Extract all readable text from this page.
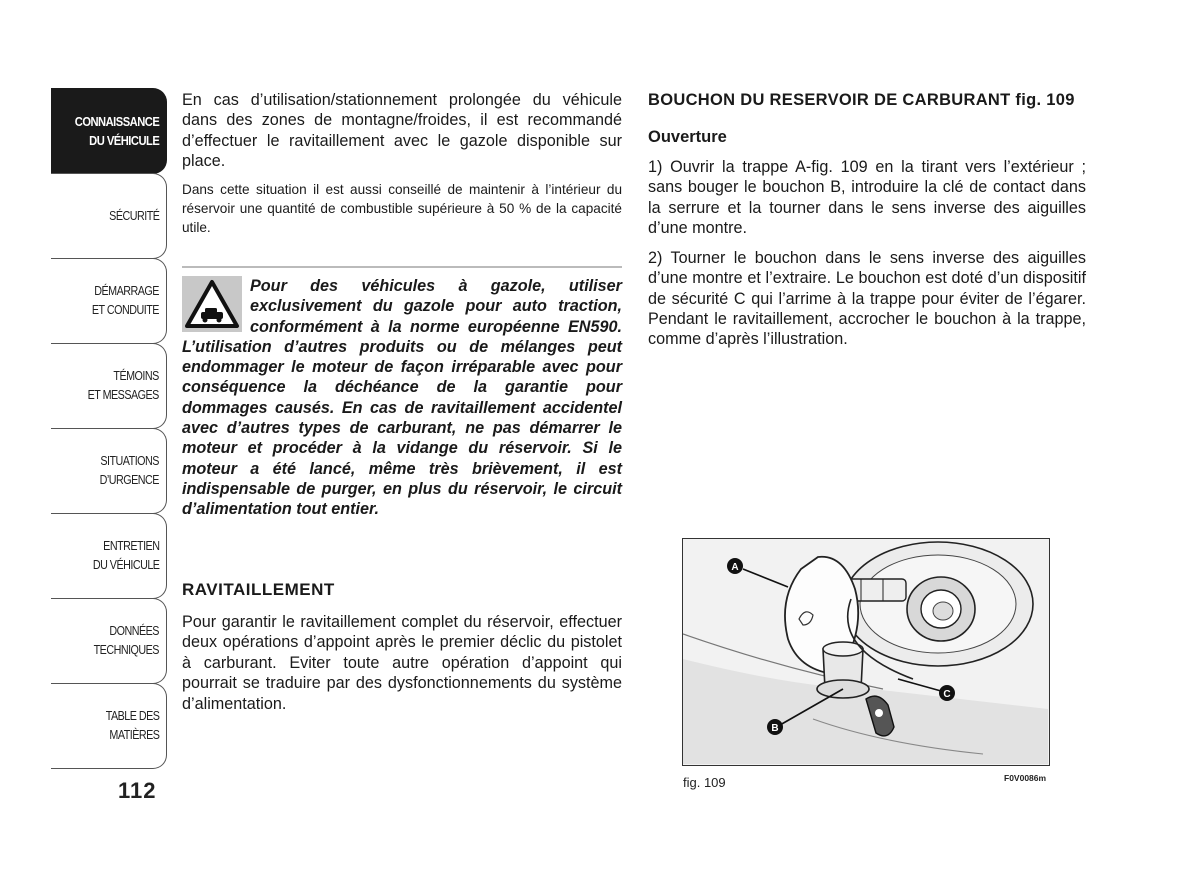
CONNAISSANCE
DU VÉHICULE
SÉCURITÉ
DÉMARRAGE
ET CONDUITE
TÉMOINS
ET MESSAGES
SITUATIONS
D’URGENCE
ENTRETIEN
DU VÉHICULE
DONNÉES
TECHNIQUES
TABLE DES
MATIÈRES
112

En cas d’utilisation/stationnement prolongée du véhicule dans des zones de montagne/froides, il est recommandé d’effectuer le ravitaillement avec le gazole disponible sur place.

Dans cette situation il est aussi conseillé de maintenir à l’intérieur du réservoir une quantité de combustible supérieure à 50 % de la capacité utile.

Pour des véhicules à gazole, utiliser exclusivement du gazole pour auto traction, conformément à la norme européenne EN590. L’utilisation d’autres produits ou de mélanges peut endommager le moteur de façon irréparable avec pour conséquence la déchéance de la garantie pour dommages causés. En cas de ravitaillement accidentel avec d’autres types de carburant, ne pas démarrer le moteur et procéder à la vidange du réservoir. Si le moteur a été lancé, même très brièvement, il est indispensable de purger, en plus du réservoir, le circuit d’alimentation tout entier.

RAVITAILLEMENT

Pour garantir le ravitaillement complet du réservoir, effectuer deux opérations d’appoint après le premier déclic du pistolet à carburant. Eviter toute autre opération d’appoint qui pourrait se traduire par des dysfonctionnements du système d’alimentation.

BOUCHON DU RESERVOIR DE CARBURANT fig. 109
Ouverture

1) Ouvrir la trappe A-fig. 109 en la tirant vers l’extérieur ; sans bouger le bouchon B, introduire la clé de contact dans la serrure et la tourner dans le sens inverse des aiguilles d’une montre.

2) Tourner le bouchon dans le sens inverse des aiguilles d’une montre et l’extraire. Le bouchon est doté d’un dispositif de sécurité C qui l’arrime à la trappe pour éviter de l’égarer. Pendant le ravitaillement, accrocher le bouchon à la trappe, comme d’après l’illustration.

A
B
C
fig. 109	F0V0086m
